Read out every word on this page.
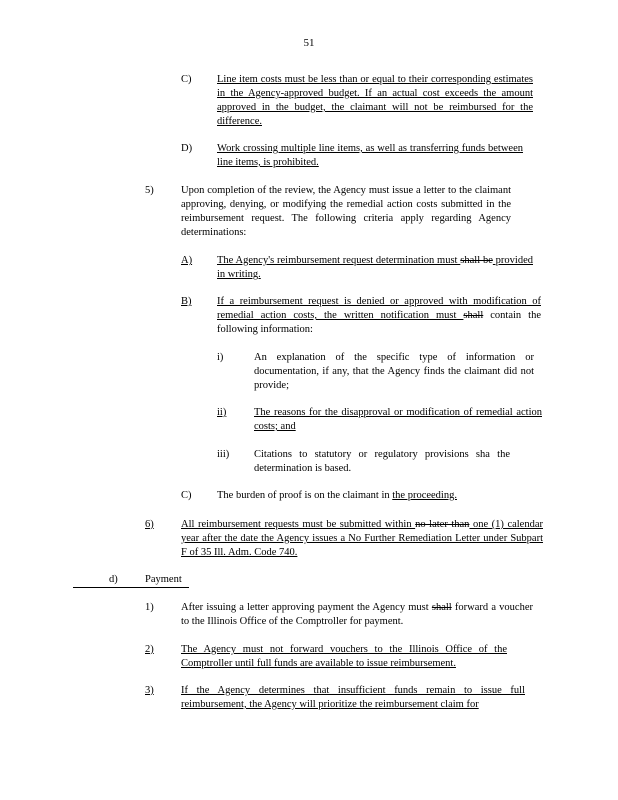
51
C) Line item costs must be less than or equal to their corresponding estimates in the Agency-approved budget. If an actual cost exceeds the amount approved in the budget, the claimant will not be reimbursed for the difference.
D) Work crossing multiple line items, as well as transferring funds between line items, is prohibited.
5)	Upon completion of the review, the Agency must issue a letter to the claimant approving, denying, or modifying the remedial action costs submitted in the reimbursement request. The following criteria apply regarding Agency determinations:
A) The Agency's reimbursement request determination must shall be provided in writing.
B) If a reimbursement request is denied or approved with modification of remedial action costs, the written notification must shall contain the following information:
i)	An explanation of the specific type of information or documentation, if any, that the Agency finds the claimant did not provide;
ii)	The reasons for the disapproval or modification of remedial action costs; and
iii) Citations to statutory or regulatory provisions sha the determination is based.
C) The burden of proof is on the claimant in the proceeding.
6)	All reimbursement requests must be submitted within no later than one (1) calendar year after the date the Agency issues a No Further Remediation Letter under Subpart F of 35 Ill. Adm. Code 740.
d)	Payment
1)	After issuing a letter approving payment the Agency must shall forward a voucher to the Illinois Office of the Comptroller for payment.
2)	The Agency must not forward vouchers to the Illinois Office of the Comptroller until full funds are available to issue reimbursement.
3)	If the Agency determines that insufficient funds remain to issue full reimbursement, the Agency will prioritize the reimbursement claim for
